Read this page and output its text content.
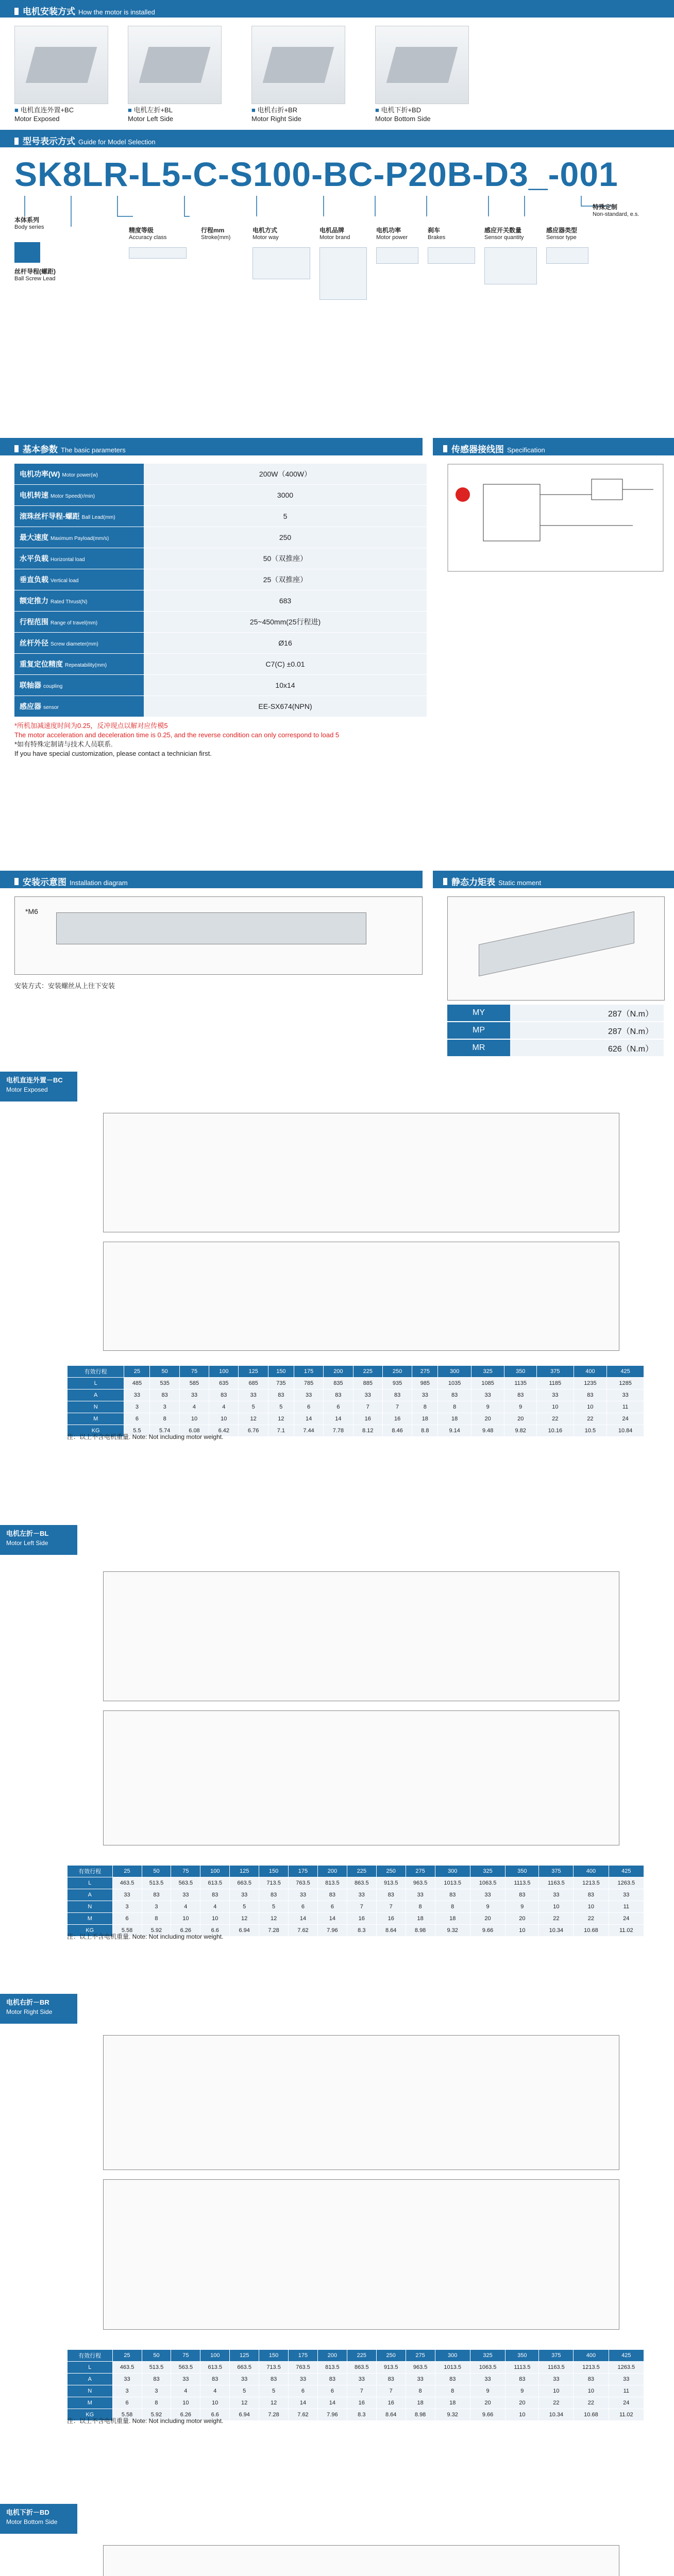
电机安装方式 How the motor is installed
■ 电机直连外置+BC
Motor Exposed
■ 电机左折+BL
Motor Left Side
■ 电机右折+BR
Motor Right Side
■ 电机下折+BD
Motor Bottom Side
型号表示方式 Guide for Model Selection
SK8LR-L5-C-S100-BC-P20B-D3_-001
本体系列
Body series
丝杆导程(螺距)
Ball Screw Lead
精度等级
Accuracy class
行程mm
Stroke(mm)
电机方式
Motor way
电机品牌
Motor brand
电机功率
Motor power
刹车
Brakes
感应开关数量
Sensor quantity
感应器类型
Sensor type
特殊定制
Non-standard, e.s.
基本参数 The basic parameters	传感器接线图 Specification
电机功率(W) Motor power(w)	200W（400W）
电机转速 Motor Speed(r/min)	3000
滚珠丝杆导程-螺距 Ball Lead(mm)	5
最大速度 Maximum Payload(mm/s)	250
水平负载 Horizontal load	50（双推座）
垂直负载 Vertical load	25（双推座）
额定推力 Rated Thrust(N)	683
行程范围 Range of travel(mm)	25~450mm(25行程进)
丝杆外径 Screw diameter(mm)	Ø16
重复定位精度 Repeatability(mm)	C7(C) ±0.01
联轴器 coupling	10x14
感应器 sensor	EE-SX674(NPN)
*所机加减速度时间为0.25，反冲现点以解对应传模5
The motor acceleration and deceleration time is 0.25, and the reverse condition can only correspond to load 5
*如有特殊定制请与技术人员联系.
If you have special customization, please contact a technician first.
安装示意图 Installation diagram	静态力矩表 Static moment
*M6
安装方式：安装螺丝从上往下安装
MY	287（N.m）
MP	287（N.m）
MR	626（N.m）
电机直连外置－BC
Motor Exposed
有效行程	25	50	75	100	125	150	175	200	225	250	275	300	325	350	375	400	425
L	485	535	585	635	685	735	785	835	885	935	985	1035	1085	1135	1185	1235	1285
A	33	83	33	83	33	83	33	83	33	83	33	83	33	83	33	83	33
N	3	3	4	4	5	5	6	6	7	7	8	8	9	9	10	10	11
M	6	8	10	10	12	12	14	14	16	16	18	18	20	20	22	22	24
KG	5.5	5.74	6.08	6.42	6.76	7.1	7.44	7.78	8.12	8.46	8.8	9.14	9.48	9.82	10.16	10.5	10.84
注：以上不含电机重量. Note: Not including motor weight.
电机左折－BL
Motor Left Side
有效行程	25	50	75	100	125	150	175	200	225	250	275	300	325	350	375	400	425
L	463.5	513.5	563.5	613.5	663.5	713.5	763.5	813.5	863.5	913.5	963.5	1013.5	1063.5	1113.5	1163.5	1213.5	1263.5
A	33	83	33	83	33	83	33	83	33	83	33	83	33	83	33	83	33
N	3	3	4	4	5	5	6	6	7	7	8	8	9	9	10	10	11
M	6	8	10	10	12	12	14	14	16	16	18	18	20	20	22	22	24
KG	5.58	5.92	6.26	6.6	6.94	7.28	7.62	7.96	8.3	8.64	8.98	9.32	9.66	10	10.34	10.68	11.02
注：以上不含电机重量. Note: Not including motor weight.
电机右折－BR
Motor Right Side
有效行程	25	50	75	100	125	150	175	200	225	250	275	300	325	350	375	400	425
L	463.5	513.5	563.5	613.5	663.5	713.5	763.5	813.5	863.5	913.5	963.5	1013.5	1063.5	1113.5	1163.5	1213.5	1263.5
A	33	83	33	83	33	83	33	83	33	83	33	83	33	83	33	83	33
N	3	3	4	4	5	5	6	6	7	7	8	8	9	9	10	10	11
M	6	8	10	10	12	12	14	14	16	16	18	18	20	20	22	22	24
KG	5.58	5.92	6.26	6.6	6.94	7.28	7.62	7.96	8.3	8.64	8.98	9.32	9.66	10	10.34	10.68	11.02
注：以上不含电机重量. Note: Not including motor weight.
电机下折－BD
Motor Bottom Side
